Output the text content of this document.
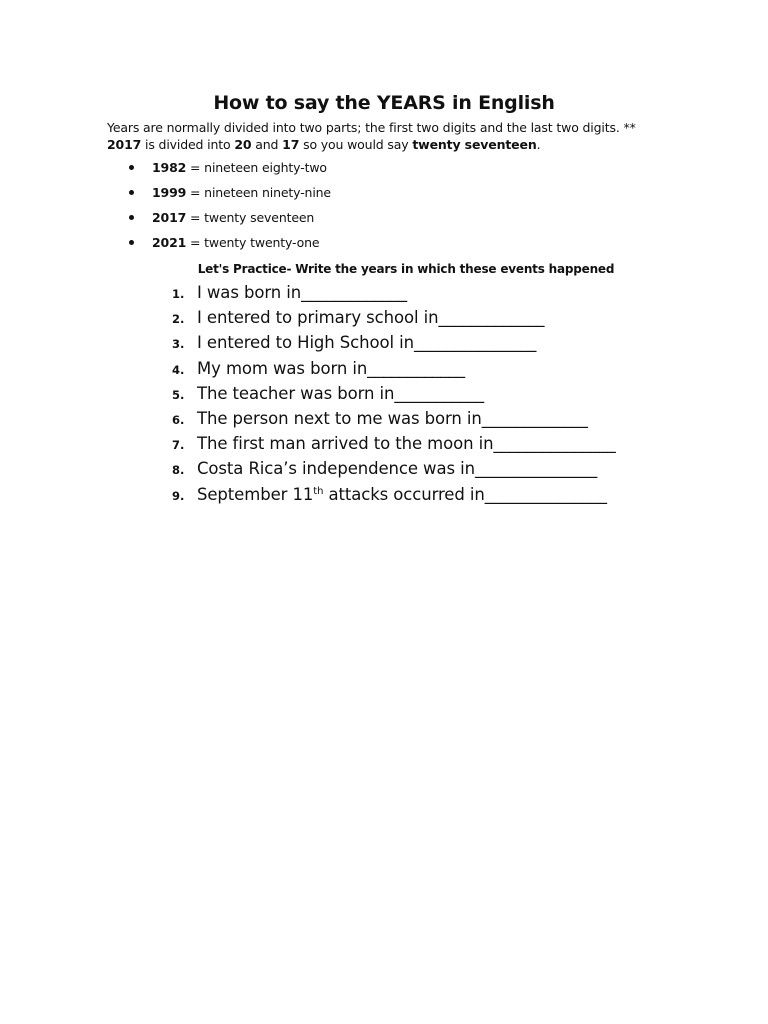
How to say the YEARS in English
Years are normally divided into two parts; the first two digits and the last two digits. **
2017 is divided into 20 and 17 so you would say twenty seventeen.
1982 = nineteen eighty-two
1999 = nineteen ninety-nine
2017 = twenty seventeen
2021 = twenty twenty-one
Let's Practice- Write the years in which these events happened
1. I was born in_____________
2. I entered to primary school in_____________
3. I entered to High School in_______________
4. My mom was born in____________
5. The teacher was born in___________
6. The person next to me was born in_____________
7. The first man arrived to the moon in_______________
8. Costa Rica’s independence was in_______________
9. September 11th attacks occurred in_______________
